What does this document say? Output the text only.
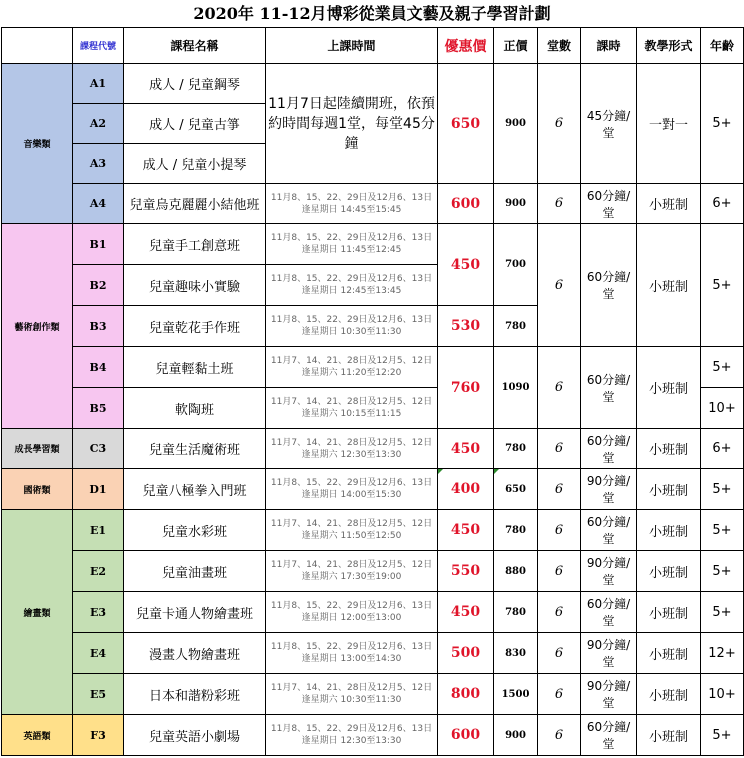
2020年 11-12月博彩從業員文藝及親子學習計劃
	課程代號	課程名稱	上課時間	優惠價	正價	堂數	課時	教學形式	年齡
音樂類	A1	成人 / 兒童鋼琴	11月7日起陸續開班，依預約時間每週1堂，每堂45分鐘	650	900	6	45分鐘/堂	一對一	5+
	A2	成人 / 兒童古箏							
	A3	成人 / 兒童小提琴							
	A4	兒童烏克麗麗小結他班	11月8、15、22、29日及12月6、13日
逢星期日 14:45至15:45	600	900	6	60分鐘/堂	小班制	6+
藝術創作類	B1	兒童手工創意班	11月8、15、22、29日及12月6、13日
逢星期日 11:45至12:45	450	700	6	60分鐘/堂	小班制	5+
	B2	兒童趣味小實驗	11月8、15、22、29日及12月6、13日
逢星期日 12:45至13:45						

	B3	兒童乾花手作班	11月8、15、22、29日及12月6、13日
逢星期日 10:30至11:30	530	780				
	B4	兒童輕黏土班	11月7、14、21、28日及12月5、12日
逢星期六 11:20至12:20	760	1090	6	60分鐘/堂	小班制	5+
	B5	軟陶班	11月7、14、21、28日及12月5、12日
逢星期六 10:15至11:15						10+
成長學習類	C3	兒童生活魔術班	11月7、14、21、28日及12月5、12日
逢星期六 12:30至13:30	450	780	6	60分鐘/堂	小班制	6+
國術類	D1	兒童八極拳入門班	11月8、15、22、29日及12月6、13日
逢星期日 14:00至15:30	400	650	6	90分鐘/堂	小班制	5+
繪畫類	E1	兒童水彩班	11月7、14、21、28日及12月5、12日
逢星期六 11:50至12:50	450	780	6	60分鐘/堂	小班制	5+
	E2	兒童油畫班	11月7、14、21、28日及12月5、12日
逢星期六 17:30至19:00	550	880	6	90分鐘/堂	小班制	5+
	E3	兒童卡通人物繪畫班	11月8、15、22、29日及12月6、13日
逢星期日 12:00至13:00	450	780	6	60分鐘/堂	小班制	5+
	E4	漫畫人物繪畫班	11月8、15、22、29日及12月6、13日
逢星期日 13:00至14:30	500	830	6	90分鐘/堂	小班制	12+
	E5	日本和諧粉彩班	11月7、14、21、28日及12月5、12日
逢星期六 10:30至11:30	800	1500	6	90分鐘/堂	小班制	10+
英語類	F3	兒童英語小劇場	11月8、15、22、29日及12月6、13日
逢星期日 12:30至13:30	600	900	6	60分鐘/堂	小班制	5+
